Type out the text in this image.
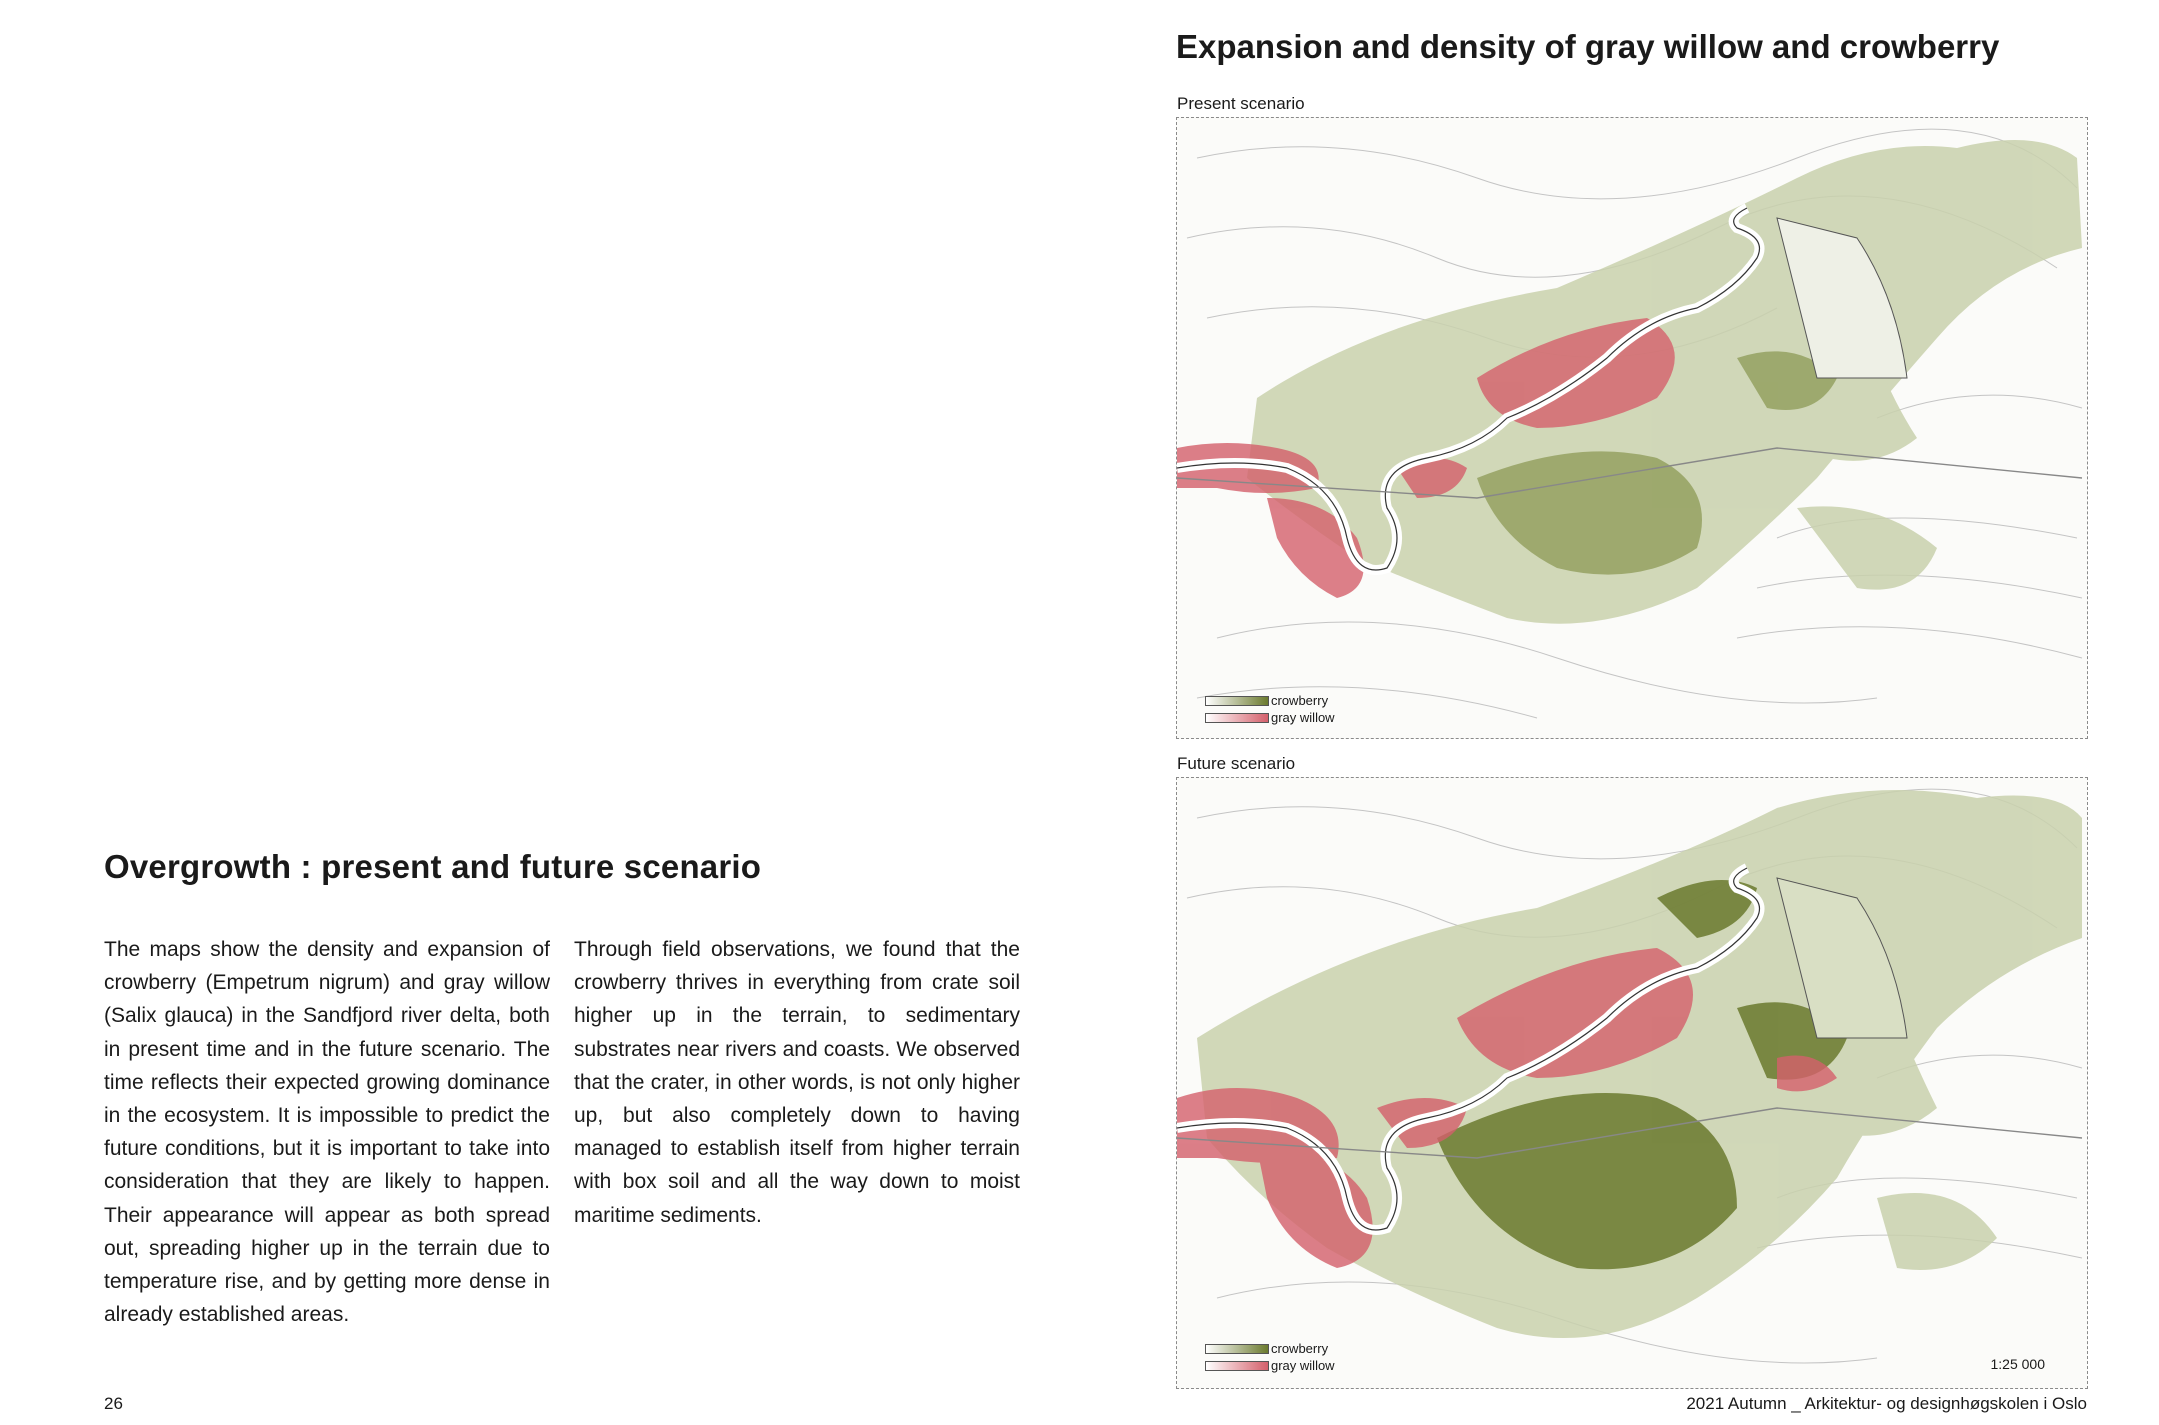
Overgrowth : present and future scenario

The maps show the density and expansion of crowberry (Empetrum nigrum) and gray willow (Salix glauca) in the Sandfjord river delta, both in present time and in the future scenario. The time reflects their expected growing dominance in the ecosystem. It is impossible to predict the future conditions, but it is important to take into consideration that they are likely to happen. Their appearance will appear as both spread out, spreading higher up in the terrain due to temperature rise, and by getting more dense in already established areas.

Through field observations, we found that the crowberry thrives in everything from crate soil higher up in the terrain, to sedimentary substrates near rivers and coasts. We observed that the crater, in other words, is not only higher up, but also completely down to having managed to establish itself from higher terrain with box soil and all the way down to moist maritime sediments.

26
Expansion and density of gray willow and crowberry
Present scenario
crowberry
gray willow
Future scenario
crowberry
gray willow	1:25 000
2021 Autumn _ Arkitektur- og designhøgskolen i Oslo
